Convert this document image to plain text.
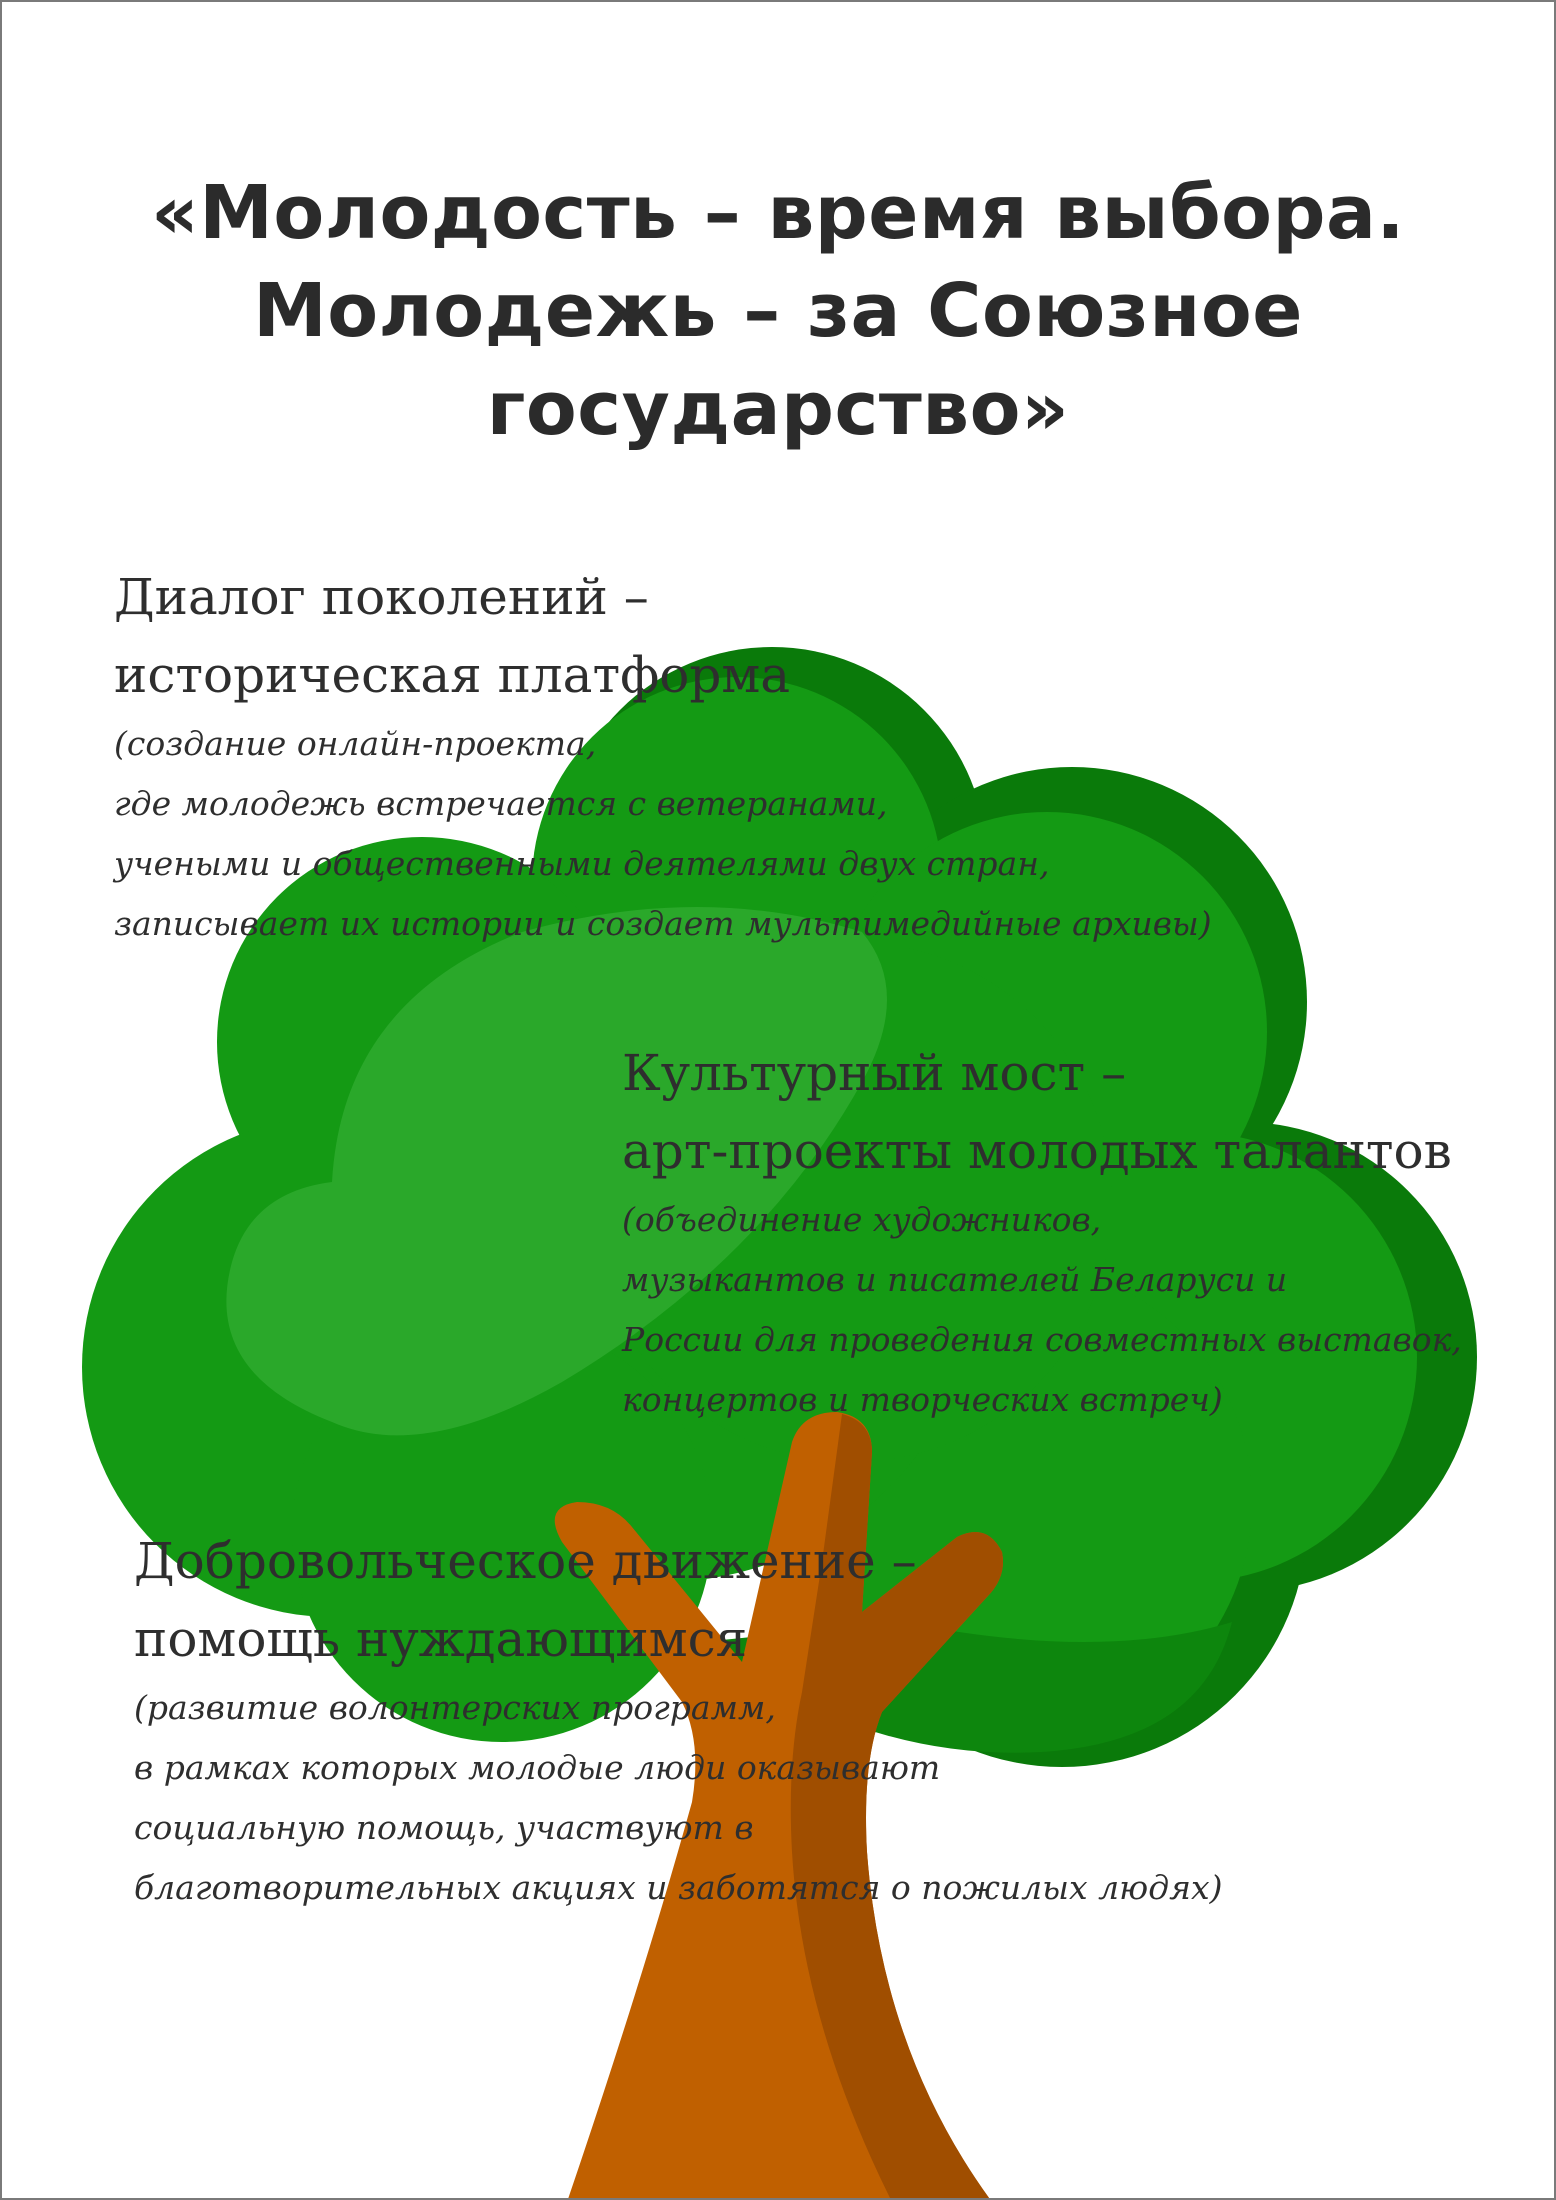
«Молодость – время выбора.
Молодежь – за Союзное государство»
Диалог поколений –
историческая платформа
(создание онлайн-проекта,
где молодежь встречается с ветеранами,
учеными и общественными деятелями двух стран,
записывает их истории и создает мультимедийные архивы)
Культурный мост –
арт-проекты молодых талантов
(объединение художников,
музыкантов и писателей Беларуси и
России для проведения совместных выставок,
концертов и творческих встреч)
Добровольческое движение –
помощь нуждающимся
(развитие волонтерских программ,
в рамках которых молодые люди оказывают
социальную помощь, участвуют в
благотворительных акциях и заботятся о пожилых людях)
